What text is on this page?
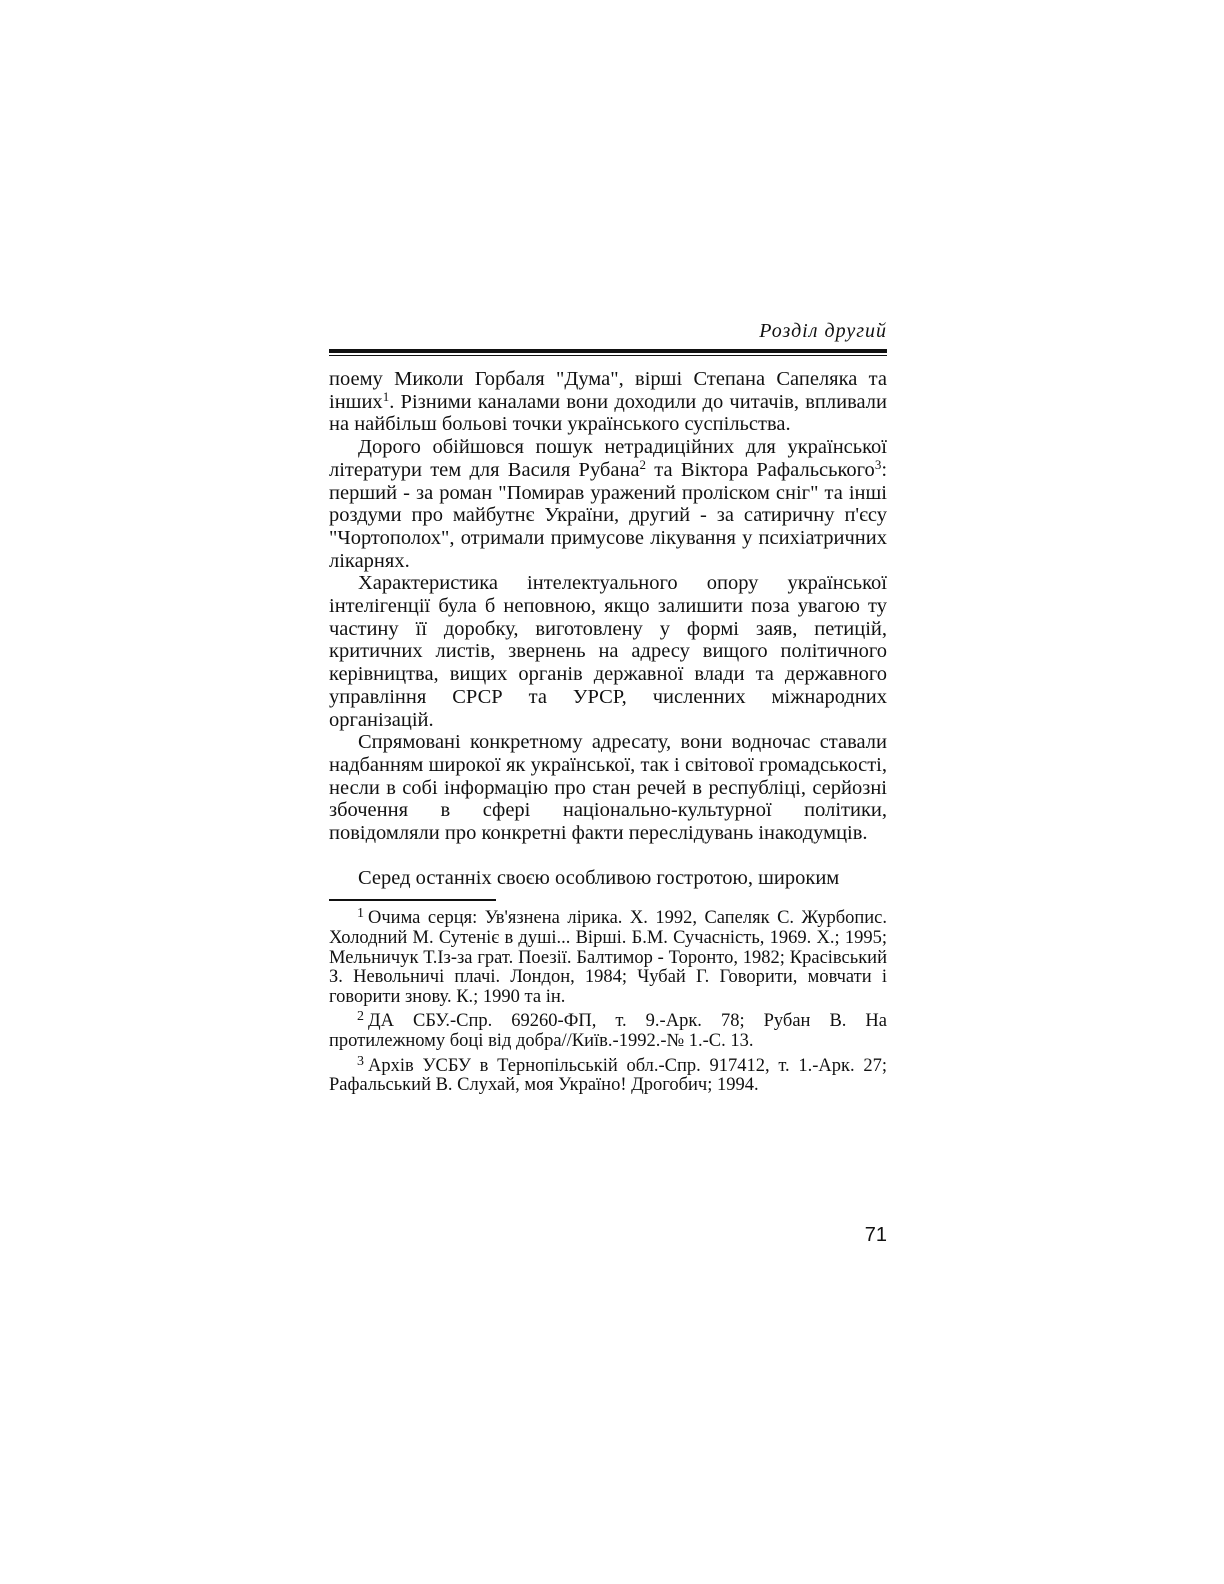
Розділ другий

поему Миколи Горбаля "Дума", вірші Степана Сапеляка та інших$^1$. Різними каналами вони доходили до читачів, впливали на найбільш больові точки українського суспільства.

Дорого обійшовся пошук нетрадиційних для української літератури тем для Василя Рубана$^2$ та Віктора Рафальського$^3$: перший - за роман "Помирав уражений пролiском сніг" та інші роздуми про майбутнє України, другий - за сатиричну п'єсу "Чортополох", отримали примусове лікування у психіатричних лікарнях.

Характеристика інтелектуального опору української інтелігенції була б неповною, якщо залишити поза увагою ту частину її доробку, виготовлену у формі заяв, петицій, критичних листів, звернень на адресу вищого політичного керівництва, вищих органів державної влади та державного управління СРСР та УРСР, численних міжнародних організацій.

Спрямовані конкретному адресату, вони водночас ставали надбанням широкої як української, так і світової громадськості, несли в собі інформацію про стан речей в республіці, серйозні збочення в сфері національно-культурної політики, повідомляли про конкретні факти переслідувань інакодумців.

Серед останніх своєю особливою гостротою, широким

$^1$ Очима серця: Ув'язнена лірика. Х. 1992, Сапеляк С. Журбопис. Холодний М. Сутеніє в душі... Вірші. Б.М. Сучасність, 1969. Х.; 1995; Мельничук Т.Із-за грат. Поезії. Балтимор - Торонто, 1982; Красівський З. Невольничі плачі. Лондон, 1984; Чубай Г. Говорити, мовчати і говорити знову. К.; 1990 та ін.

$^2$ ДА СБУ.-Спр. 69260-ФП, т. 9.-Арк. 78; Рубан В. На протилежному боці від добра//Київ.-1992.-№ 1.-С. 13.

$^3$ Архів УСБУ в Тернопільській обл.-Спр. 917412, т. 1.-Арк. 27; Рафальський В. Слухай, моя Україно! Дрогобич; 1994.

71
